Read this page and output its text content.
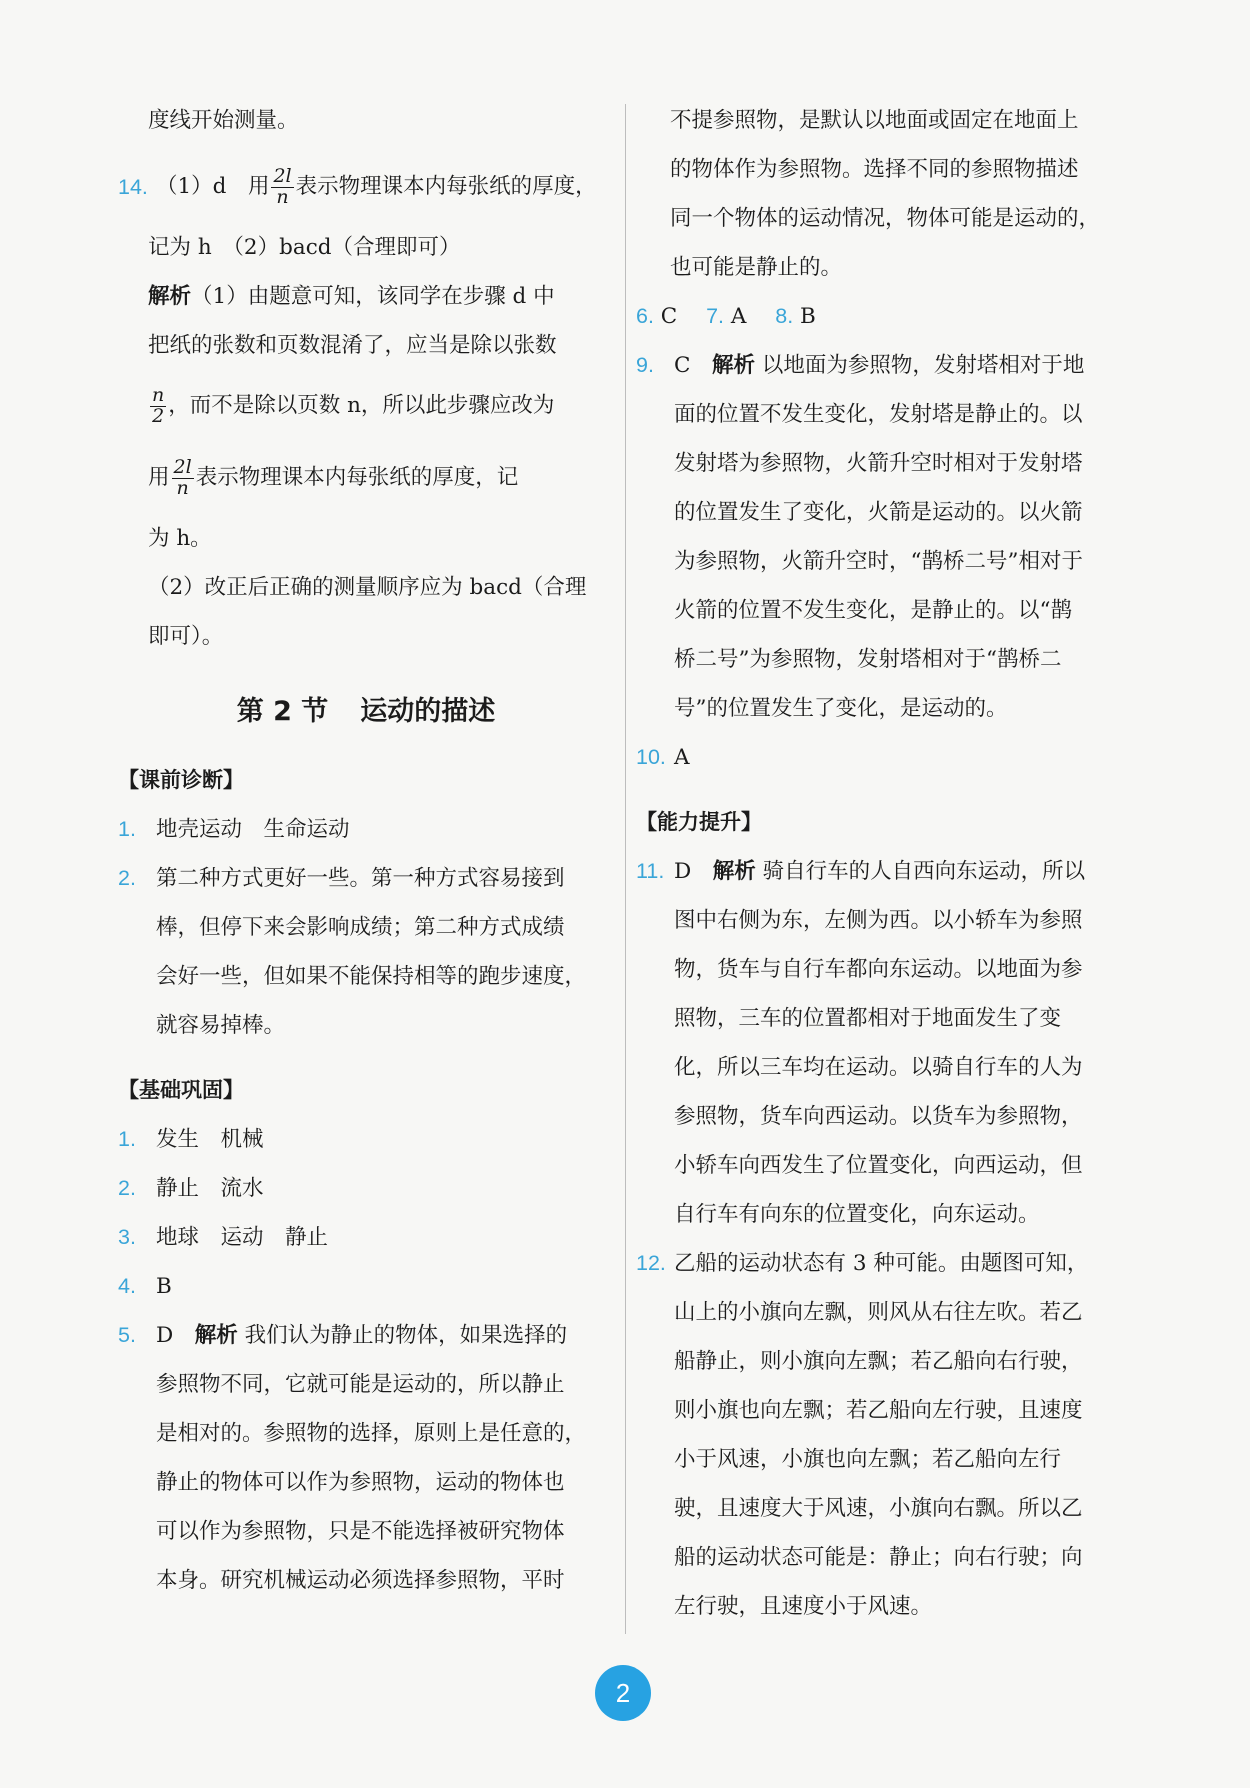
度线开始测量。
14. （1）d　用 $\frac{2l}{n}$ 表示物理课本内每张纸的厚度，
记为 h　（2）bacd（合理即可）
解析（1）由题意可知，该同学在步骤 d 中
把纸的张数和页数混淆了，应当是除以张数
$\frac{n}{2}$ ，而不是除以页数 n，所以此步骤应改为
用 $\frac{2l}{n}$ 表示物理课本内每张纸的厚度，记
为 h。
（2）改正后正确的测量顺序应为 bacd（合理
即可）。
第 2 节 运动的描述
【课前诊断】
1. 地壳运动　生命运动
2. 第二种方式更好一些。第一种方式容易接到
棒，但停下来会影响成绩；第二种方式成绩
会好一些，但如果不能保持相等的跑步速度，
就容易掉棒。
【基础巩固】
1. 发生　机械
2. 静止　流水
3. 地球　运动　静止
4. B
5. D　 解析 我们认为静止的物体，如果选择的
参照物不同，它就可能是运动的，所以静止
是相对的。参照物的选择，原则上是任意的，
静止的物体可以作为参照物，运动的物体也
可以作为参照物，只是不能选择被研究物体
本身。研究机械运动必须选择参照物，平时
不提参照物，是默认以地面或固定在地面上
的物体作为参照物。选择不同的参照物描述
同一个物体的运动情况，物体可能是运动的，
也可能是静止的。
6. C 7. A 8. B
9. C　 解析 以地面为参照物，发射塔相对于地
面的位置不发生变化，发射塔是静止的。以
发射塔为参照物，火箭升空时相对于发射塔
的位置发生了变化，火箭是运动的。以火箭
为参照物，火箭升空时，“鹊桥二号”相对于
火箭的位置不发生变化，是静止的。以“鹊
桥二号”为参照物，发射塔相对于“鹊桥二
号”的位置发生了变化，是运动的。
10. A
【能力提升】
11. D　 解析 骑自行车的人自西向东运动，所以
图中右侧为东，左侧为西。以小轿车为参照
物，货车与自行车都向东运动。以地面为参
照物，三车的位置都相对于地面发生了变
化，所以三车均在运动。以骑自行车的人为
参照物，货车向西运动。以货车为参照物，
小轿车向西发生了位置变化，向西运动，但
自行车有向东的位置变化，向东运动。
12. 乙船的运动状态有 3 种可能。由题图可知，
山上的小旗向左飘，则风从右往左吹。若乙
船静止，则小旗向左飘；若乙船向右行驶，
则小旗也向左飘；若乙船向左行驶，且速度
小于风速，小旗也向左飘；若乙船向左行
驶，且速度大于风速，小旗向右飘。所以乙
船的运动状态可能是：静止；向右行驶；向
左行驶，且速度小于风速。
2
